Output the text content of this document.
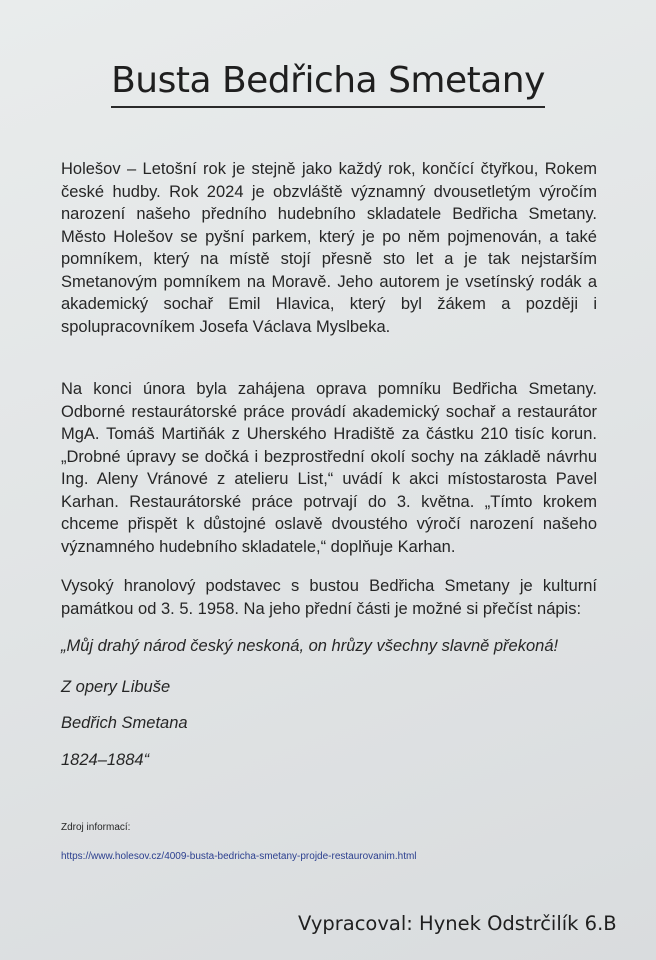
Busta Bedřicha Smetany

Holešov – Letošní rok je stejně jako každý rok, končící čtyřkou, Rokem české hudby. Rok 2024 je obzvláště významný dvousetletým výročím narození našeho předního hudebního skladatele Bedřicha Smetany. Město Holešov se pyšní parkem, který je po něm pojmenován, a také pomníkem, který na místě stojí přesně sto let a je tak nejstarším Smetanovým pomníkem na Moravě. Jeho autorem je vsetínský rodák a akademický sochař Emil Hlavica, který byl žákem a později i spolupracovníkem Josefa Václava Myslbeka.

Na konci února byla zahájena oprava pomníku Bedřicha Smetany. Odborné restaurátorské práce provádí akademický sochař a restaurátor MgA. Tomáš Martiňák z Uherského Hradiště za částku 210 tisíc korun. „Drobné úpravy se dočká i bezprostřední okolí sochy na základě návrhu Ing. Aleny Vránové z atelieru List,“ uvádí k akci místostarosta Pavel Karhan. Restaurátorské práce potrvají do 3. května. „Tímto krokem chceme přispět k důstojné oslavě dvoustého výročí narození našeho významného hudebního skladatele,“ doplňuje Karhan.

Vysoký hranolový podstavec s bustou Bedřicha Smetany je kulturní památkou od 3. 5. 1958. Na jeho přední části je možné si přečíst nápis:

„Můj drahý národ český neskoná, on hrůzy všechny slavně překoná!

Z opery Libuše

Bedřich Smetana

1824–1884“

Zdroj informací:

https://www.holesov.cz/4009-busta-bedricha-smetany-projde-restaurovanim.html

Vypracoval: Hynek Odstrčilík 6.B
